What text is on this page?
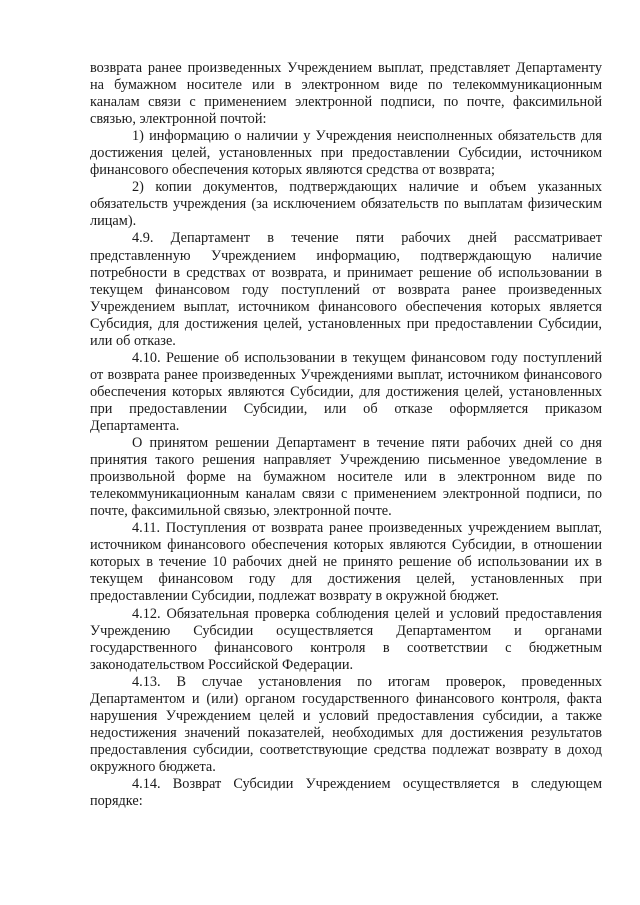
возврата ранее произведенных Учреждением выплат, представляет Департаменту на бумажном носителе или в электронном виде по телекоммуникационным каналам связи с применением электронной подписи, по почте, факсимильной связью, электронной почтой:

1) информацию о наличии у Учреждения неисполненных обязательств для достижения целей, установленных при предоставлении Субсидии, источником финансового обеспечения которых являются средства от возврата;

2) копии документов, подтверждающих наличие и объем указанных обязательств учреждения (за исключением обязательств по выплатам физическим лицам).

4.9. Департамент в течение пяти рабочих дней рассматривает представленную Учреждением информацию, подтверждающую наличие потребности в средствах от возврата, и принимает решение об использовании в текущем финансовом году поступлений от возврата ранее произведенных Учреждением выплат, источником финансового обеспечения которых является Субсидия, для достижения целей, установленных при предоставлении Субсидии, или об отказе.

4.10. Решение об использовании в текущем финансовом году поступлений от возврата ранее произведенных Учреждениями выплат, источником финансового обеспечения которых являются Субсидии, для достижения целей, установленных при предоставлении Субсидии, или об отказе оформляется приказом Департамента.

О принятом решении Департамент в течение пяти рабочих дней со дня принятия такого решения направляет Учреждению письменное уведомление в произвольной форме на бумажном носителе или в электронном виде по телекоммуникационным каналам связи с применением электронной подписи, по почте, факсимильной связью, электронной почте.

4.11. Поступления от возврата ранее произведенных учреждением выплат, источником финансового обеспечения которых являются Субсидии, в отношении которых в течение 10 рабочих дней не принято решение об использовании их в текущем финансовом году для достижения целей, установленных при предоставлении Субсидии, подлежат возврату в окружной бюджет.

4.12. Обязательная проверка соблюдения целей и условий предоставления Учреждению Субсидии осуществляется Департаментом и органами государственного финансового контроля в соответствии с бюджетным законодательством Российской Федерации.

4.13. В случае установления по итогам проверок, проведенных Департаментом и (или) органом государственного финансового контроля, факта нарушения Учреждением целей и условий предоставления субсидии, а также недостижения значений показателей, необходимых для достижения результатов предоставления субсидии, соответствующие средства подлежат возврату в доход окружного бюджета.

4.14. Возврат Субсидии Учреждением осуществляется в следующем порядке:
